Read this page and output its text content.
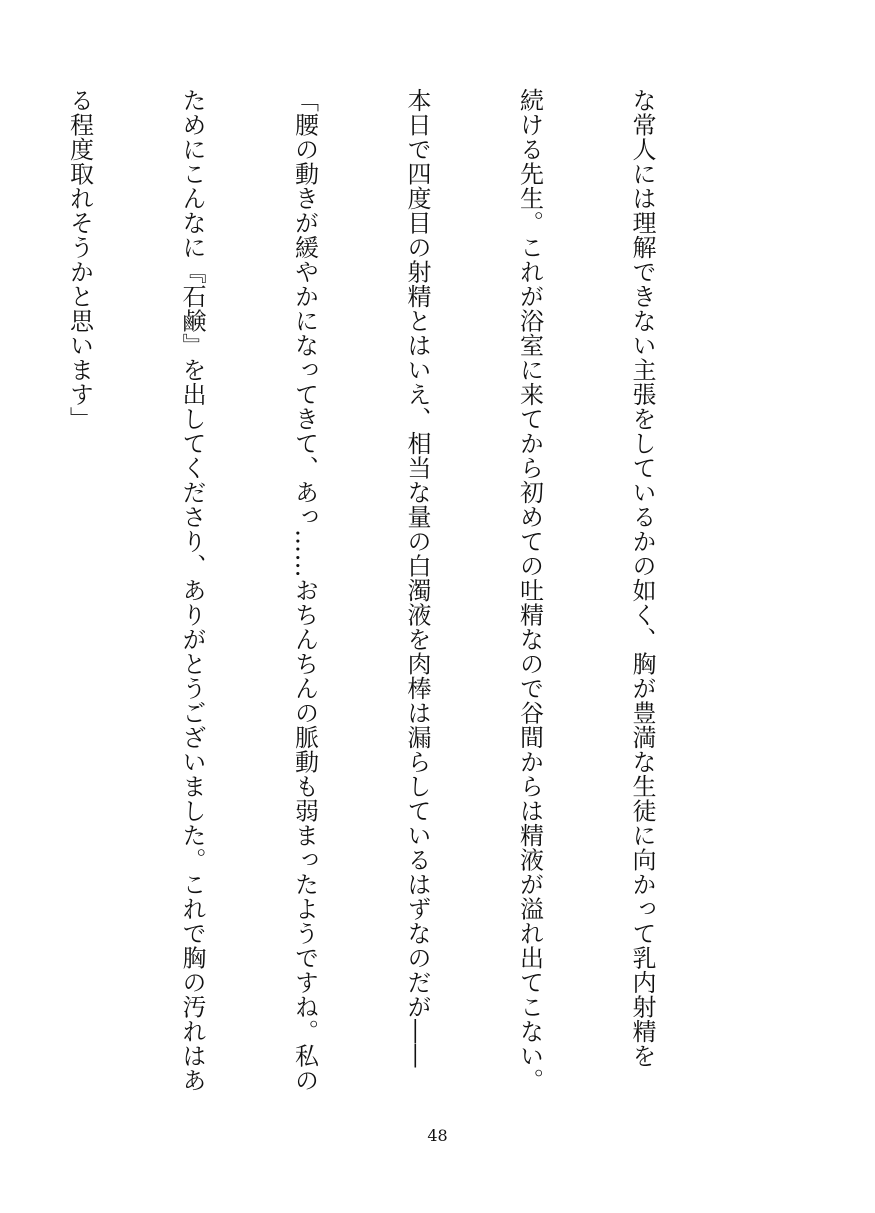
な常人には理解できない主張をしているかの如く、胸が豊満な生徒に向かって乳内射精を

続ける先生。これが浴室に来てから初めての吐精なので谷間からは精液が溢れ出てこない。

本日で四度目の射精とはいえ、相当な量の白濁液を肉棒は漏らしているはずなのだが――

「腰の動きが緩やかになってきて、あっ……おちんちんの脈動も弱まったようですね。私の

ためにこんなに『石鹸』を出してくださり、ありがとうございました。これで胸の汚れはあ

る程度取れそうかと思います」

48
